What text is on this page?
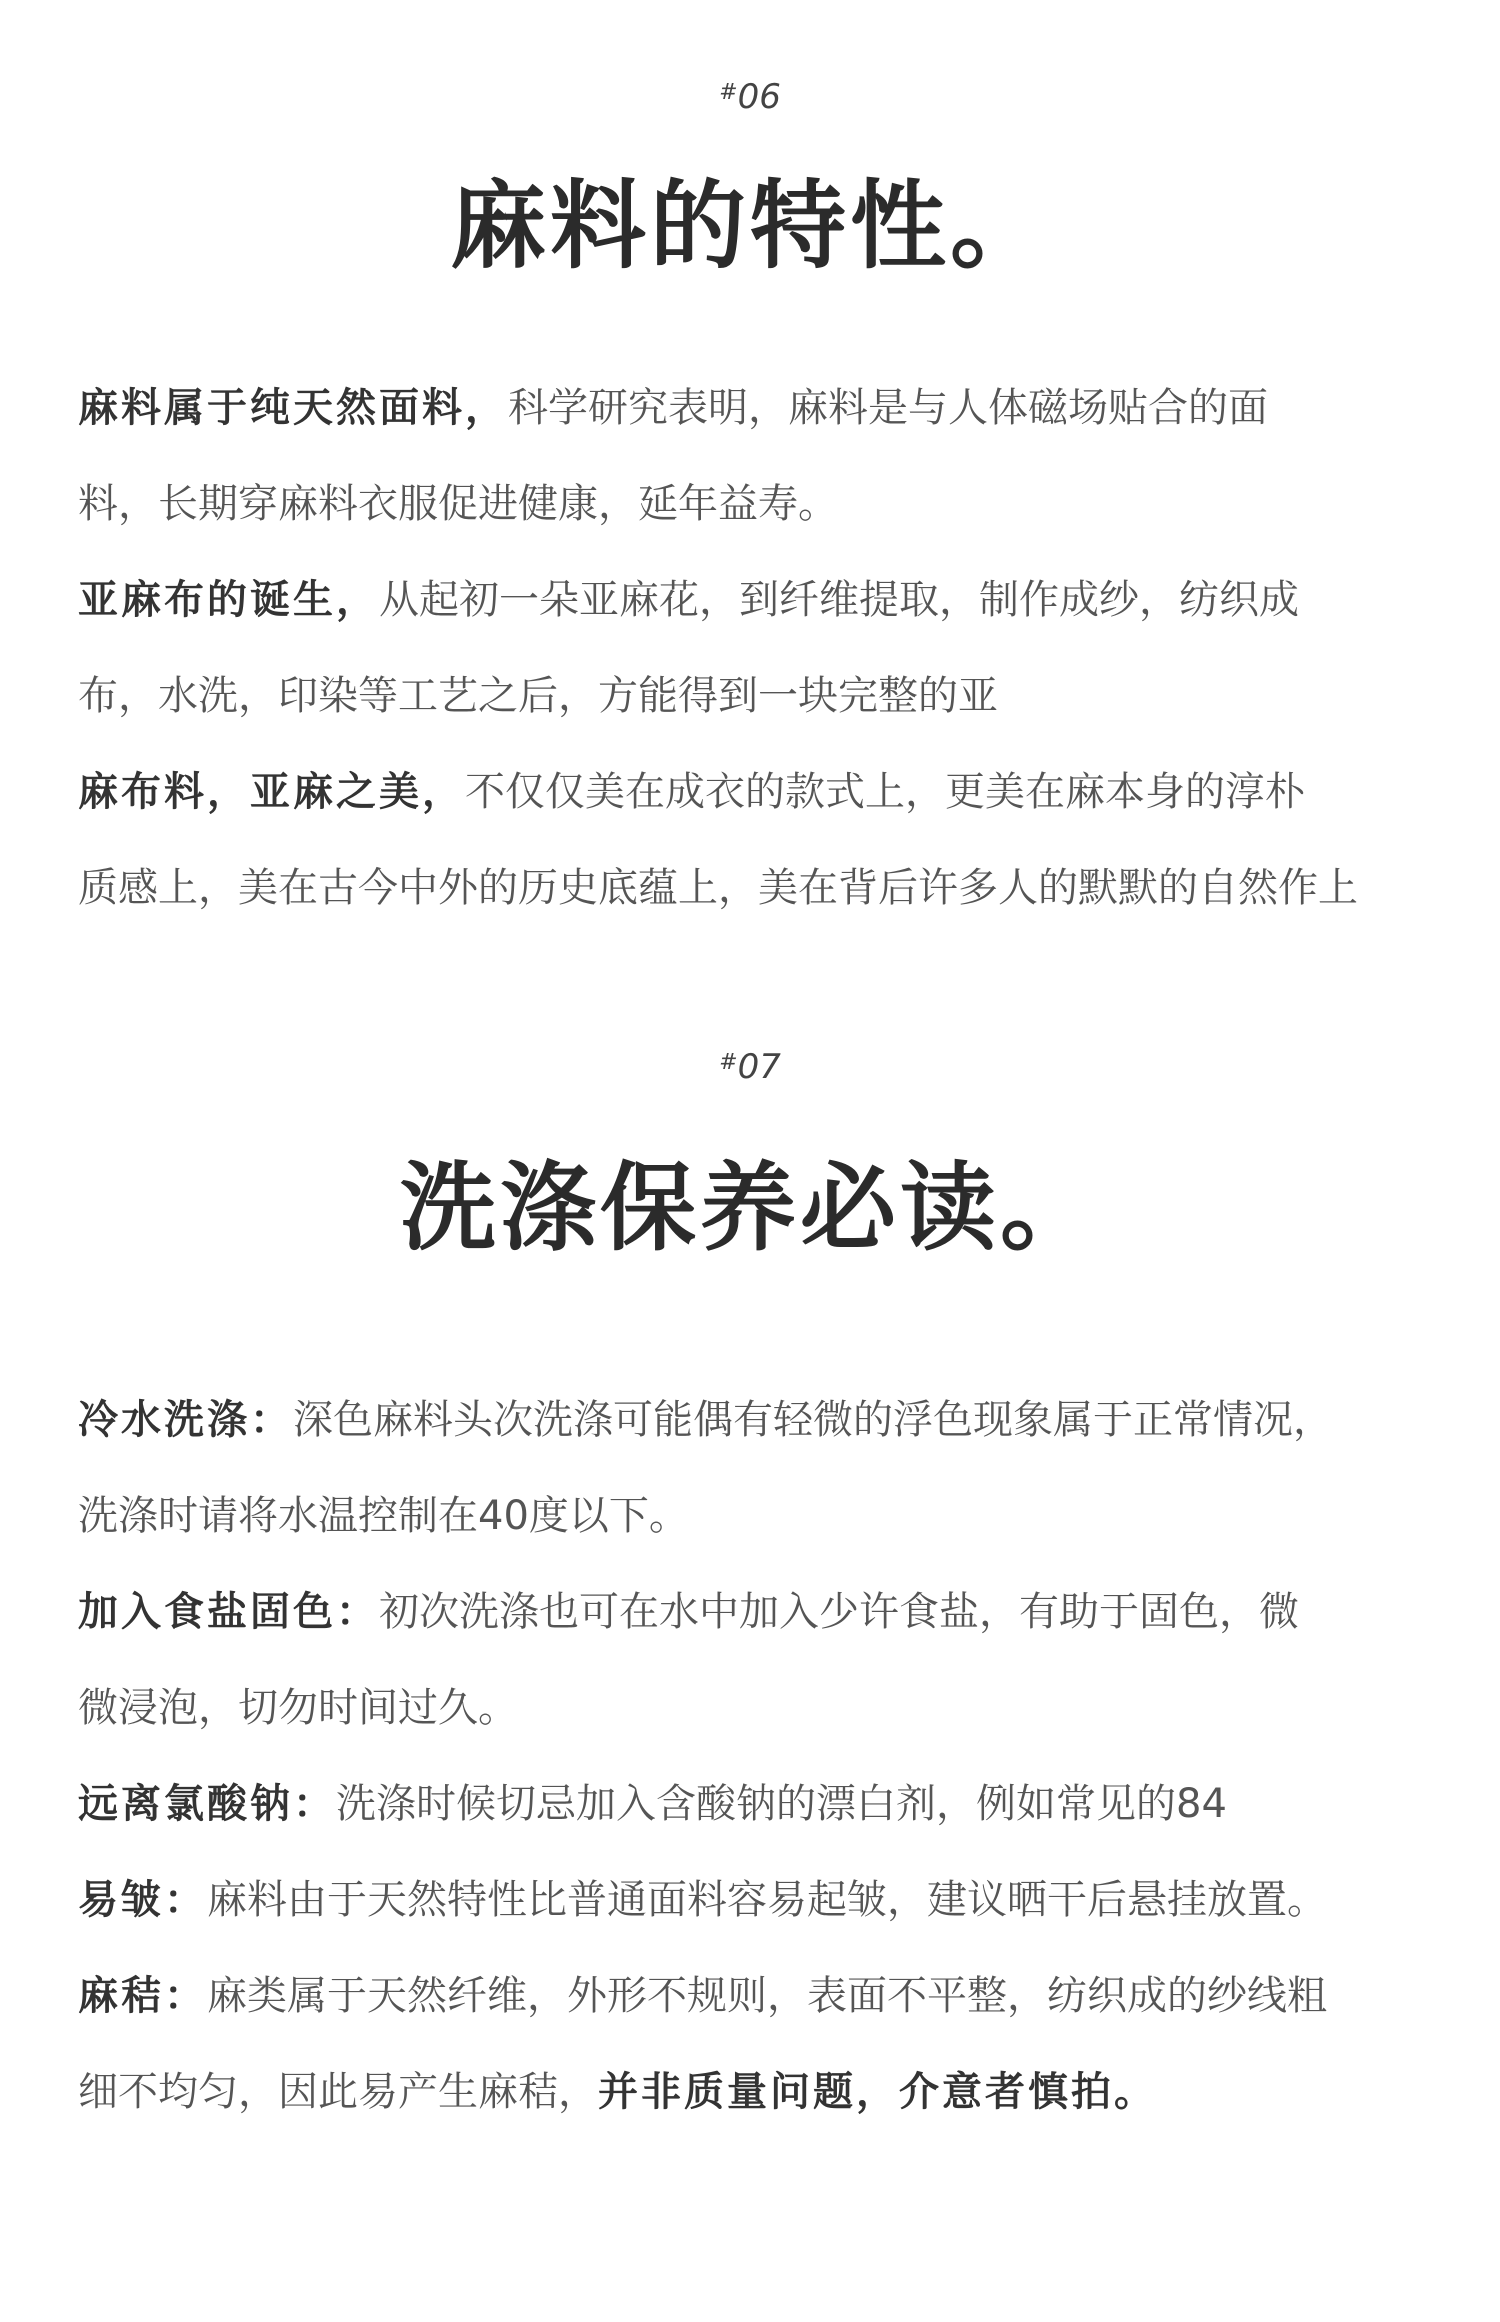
#06
麻料的特性。
麻料属于纯天然面料，科学研究表明，麻料是与人体磁场贴合的面
料，长期穿麻料衣服促进健康，延年益寿。
亚麻布的诞生，从起初一朵亚麻花，到纤维提取，制作成纱，纺织成
布，水洗，印染等工艺之后，方能得到一块完整的亚
麻布料，亚麻之美，不仅仅美在成衣的款式上，更美在麻本身的淳朴
质感上，美在古今中外的历史底蕴上，美在背后许多人的默默的自然作上
#07
洗涤保养必读。
冷水洗涤：深色麻料头次洗涤可能偶有轻微的浮色现象属于正常情况，
洗涤时请将水温控制在40度以下。
加入食盐固色：初次洗涤也可在水中加入少许食盐，有助于固色，微
微浸泡，切勿时间过久。
远离氯酸钠：洗涤时候切忌加入含酸钠的漂白剂，例如常见的84
易皱：麻料由于天然特性比普通面料容易起皱，建议晒干后悬挂放置。
麻秸：麻类属于天然纤维，外形不规则，表面不平整，纺织成的纱线粗
细不均匀，因此易产生麻秸，并非质量问题，介意者慎拍。
